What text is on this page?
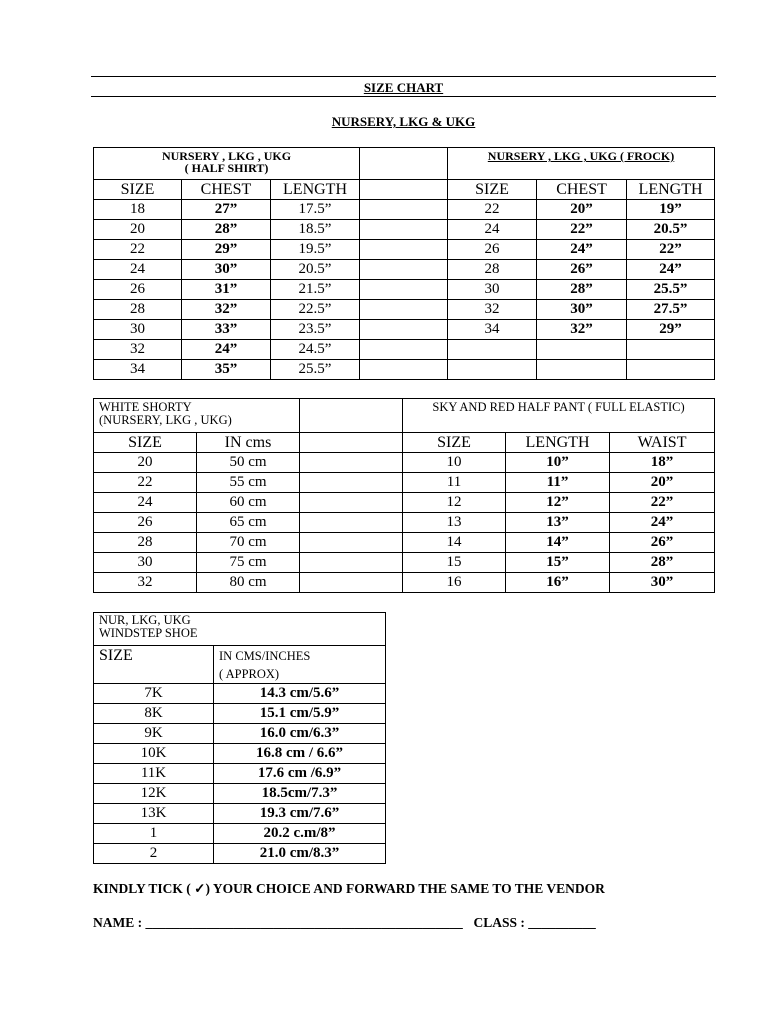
SIZE CHART
NURSERY, LKG & UKG
NURSERY , LKG , UKG
( HALF SHIRT)				NURSERY , LKG , UKG ( FROCK)		
SIZE	CHEST	LENGTH		SIZE	CHEST	LENGTH
18	27”	17.5”		22	20”	19”
20	28”	18.5”		24	22”	20.5”
22	29”	19.5”		26	24”	22”
24	30”	20.5”		28	26”	24”
26	31”	21.5”		30	28”	25.5”
28	32”	22.5”		32	30”	27.5”
30	33”	23.5”		34	32”	29”
32	24”	24.5”				
34	35”	25.5”				
WHITE SHORTY
(NURSERY, LKG , UKG)			SKY AND RED HALF PANT ( FULL ELASTIC)		
SIZE	IN cms		SIZE	LENGTH	WAIST
20	50 cm		10	10”	18”
22	55 cm		11	11”	20”
24	60 cm		12	12”	22”
26	65 cm		13	13”	24”
28	70 cm		14	14”	26”
30	75 cm		15	15”	28”
32	80 cm		16	16”	30”
NUR, LKG, UKG
WINDSTEP SHOE	

SIZE	IN CMS/INCHES
( APPROX)

7K	14.3 cm/5.6”
8K	15.1 cm/5.9”
9K	16.0 cm/6.3”
10K	16.8 cm / 6.6”
11K	17.6 cm /6.9”
12K	18.5cm/7.3”
13K	19.3 cm/7.6”
1	20.2 c.m/8”
2	21.0 cm/8.3”
KINDLY TICK ( ✓) YOUR CHOICE AND FORWARD THE SAME TO THE VENDOR
NAME : _______________________________________________ CLASS : __________
